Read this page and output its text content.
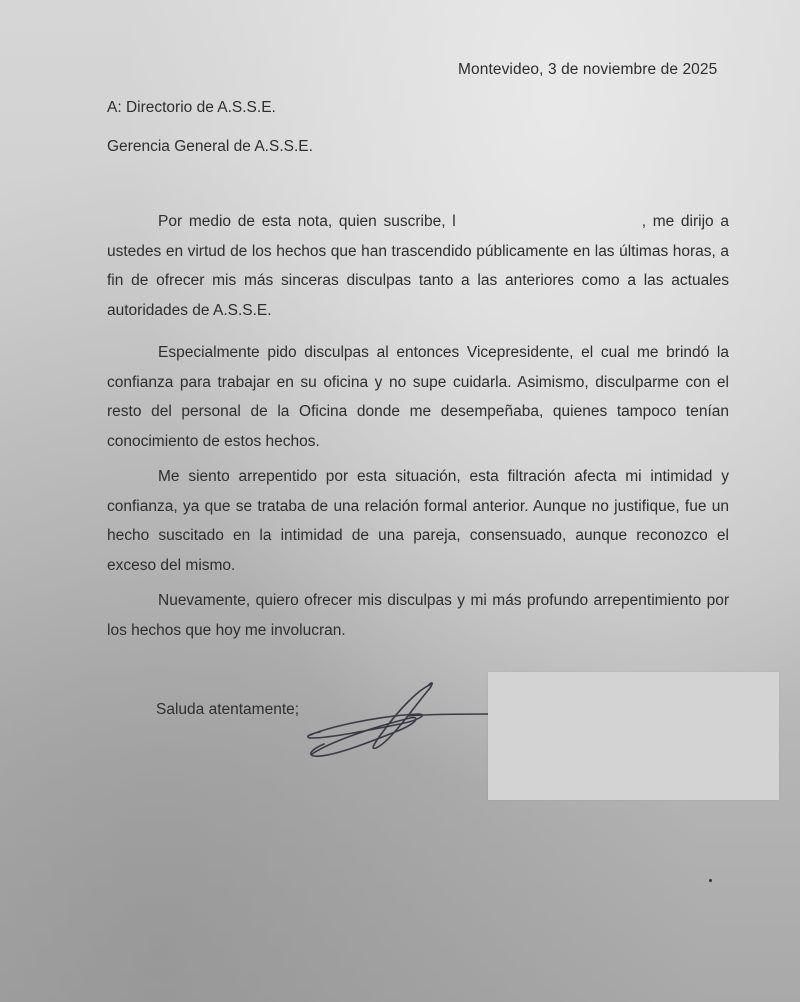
Montevideo, 3 de noviembre de 2025
A: Directorio de A.S.S.E.
Gerencia General de A.S.S.E.

Por medio de esta nota, quien suscribe, l	, me dirijo a ustedes en virtud de los hechos que han trascendido públicamente en las últimas horas, a fin de ofrecer mis más sinceras disculpas tanto a las anteriores como a las actuales autoridades de A.S.S.E.

Especialmente pido disculpas al entonces Vicepresidente, el cual me brindó la confianza para trabajar en su oficina y no supe cuidarla. Asimismo, disculparme con el resto del personal de la Oficina donde me desempeñaba, quienes tampoco tenían conocimiento de estos hechos.

Me siento arrepentido por esta situación, esta filtración afecta mi intimidad y confianza, ya que se trataba de una relación formal anterior. Aunque no justifique, fue un hecho suscitado en la intimidad de una pareja, consensuado, aunque reconozco el exceso del mismo.

Nuevamente, quiero ofrecer mis disculpas y mi más profundo arrepentimiento por los hechos que hoy me involucran.

Saluda atentamente;
